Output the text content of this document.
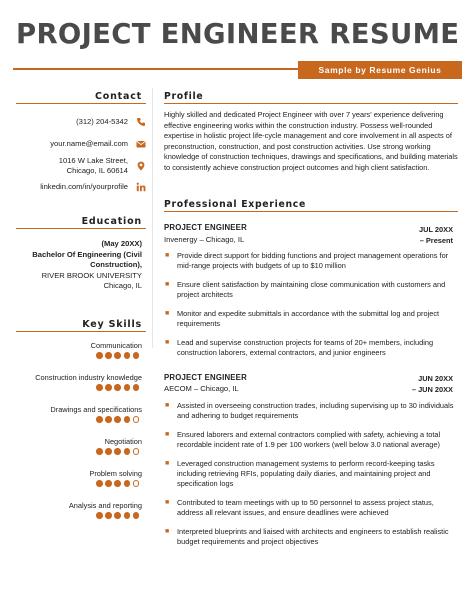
PROJECT ENGINEER RESUME
Sample by Resume Genius
Contact
(312) 204-5342
your.name@email.com
1016 W Lake Street,
Chicago, IL 60614
linkedin.com/in/yourprofile
Education
(May 20XX)
Bachelor Of Engineering (Civil
Construction),
RIVER BROOK UNIVERSITY
Chicago, IL
Key Skills
Communication
Construction industry knowledge
Drawings and specifications
Negotiation
Problem solving
Analysis and reporting
Profile
Highly skilled and dedicated Project Engineer with over 7 years' experience delivering effective engineering works within the construction industry. Possess well-rounded expertise in holistic project life-cycle management and core involvement in all aspects of preconstruction, construction, and post construction activities. Use strong working knowledge of construction techniques, drawings and specifications, and building materials to consistently achieve construction project outcomes and high client satisfaction.
Professional Experience
PROJECT ENGINEER
Invenergy – Chicago, IL
JUL 20XX
– Present
■ Provide direct support for bidding functions and project management operations for mid-range projects with budgets of up to $10 million
■ Ensure client satisfaction by maintaining close communication with customers and project architects
■ Monitor and expedite submittals in accordance with the submittal log and project requirements
■ Lead and supervise construction projects for teams of 20+ members, including construction laborers, external contractors, and junior engineers
PROJECT ENGINEER
AECOM – Chicago, IL
JUN 20XX
– JUN 20XX
■ Assisted in overseeing construction trades, including supervising up to 30 individuals and adhering to budget requirements
■ Ensured laborers and external contractors complied with safety, achieving a total recordable incident rate of 1.9 per 100 workers (well below 3.0 national average)
■ Leveraged construction management systems to perform record-keeping tasks including retrieving RFIs, populating daily diaries, and maintaining project and specification logs
■ Contributed to team meetings with up to 50 personnel to assess project status, address all relevant issues, and ensure deadlines were achieved
■ Interpreted blueprints and liaised with architects and engineers to establish realistic budget requirements and project objectives
